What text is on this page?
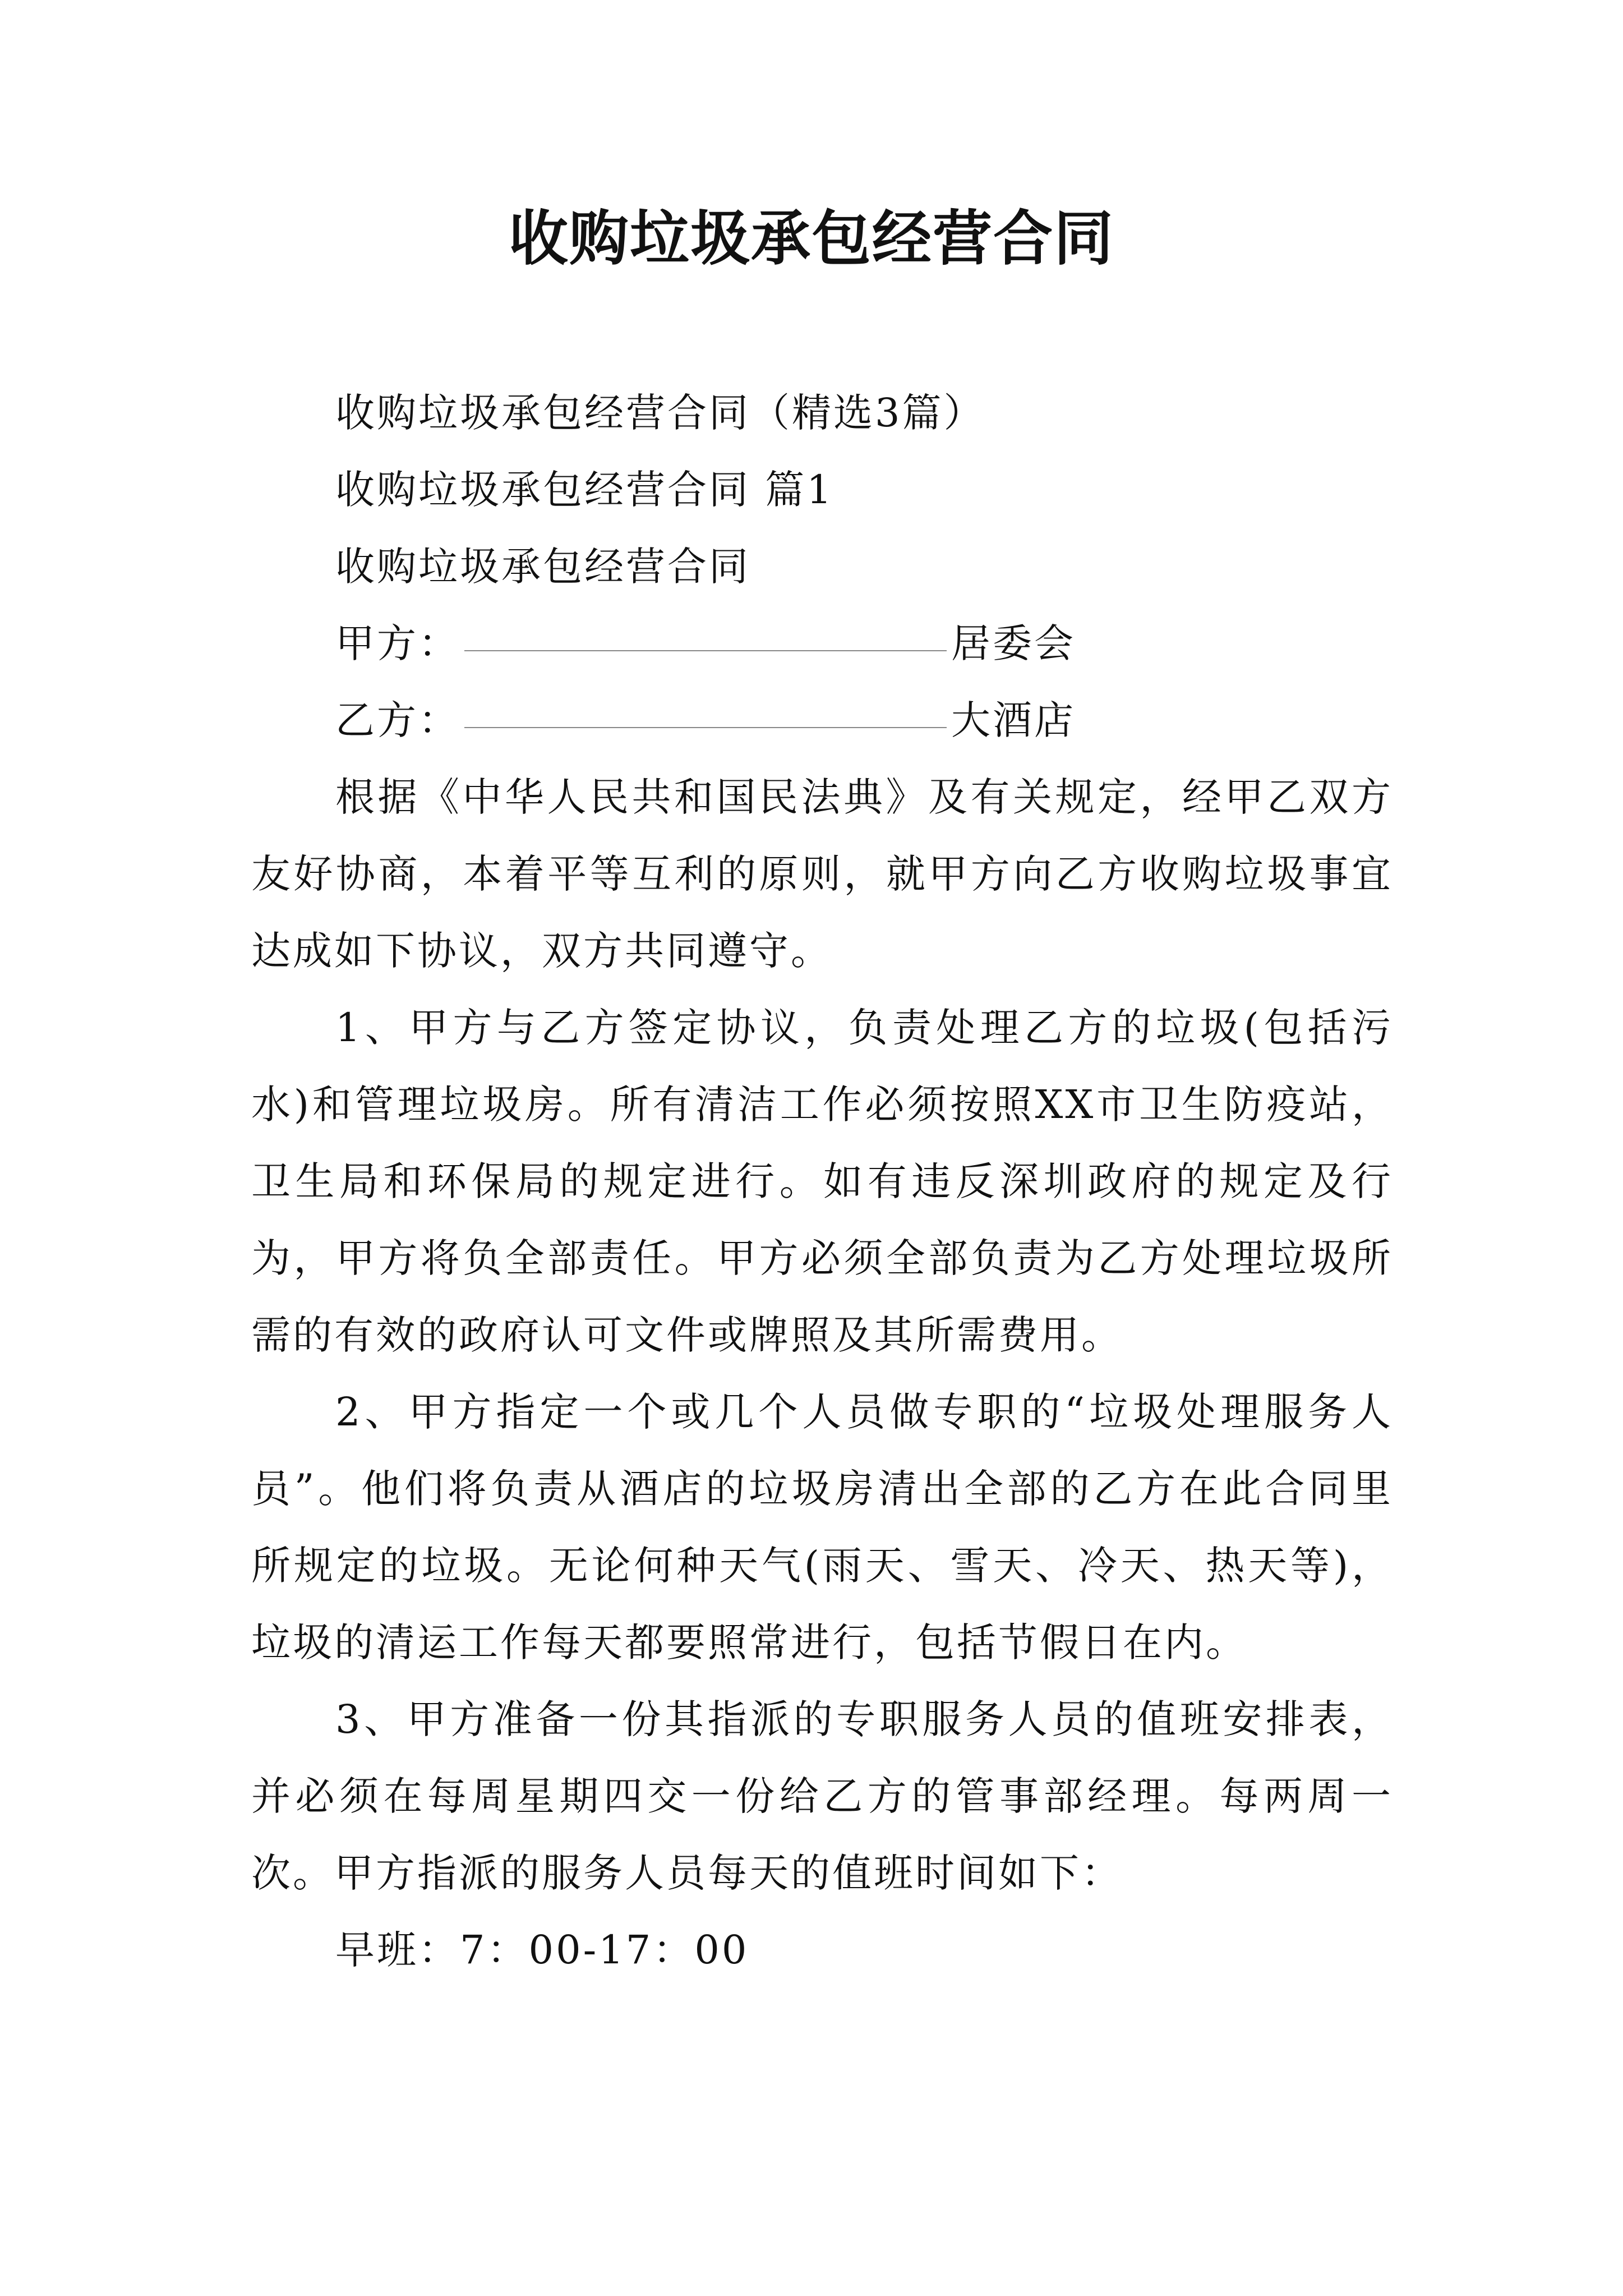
收购垃圾承包经营合同

收购垃圾承包经营合同（精选3篇）

收购垃圾承包经营合同 篇1

收购垃圾承包经营合同

甲方：	居委会

乙方：	大酒店

根据《中华人民共和国民法典》及有关规定，经甲乙双方友好协商，本着平等互利的原则，就甲方向乙方收购垃圾事宜达成如下协议，双方共同遵守。

1、甲方与乙方签定协议，负责处理乙方的垃圾(包括污水)和管理垃圾房。所有清洁工作必须按照XX市卫生防疫站，卫生局和环保局的规定进行。如有违反深圳政府的规定及行为，甲方将负全部责任。甲方必须全部负责为乙方处理垃圾所需的有效的政府认可文件或牌照及其所需费用。

2、甲方指定一个或几个人员做专职的“垃圾处理服务人员”。他们将负责从酒店的垃圾房清出全部的乙方在此合同里所规定的垃圾。无论何种天气(雨天、雪天、冷天、热天等)，垃圾的清运工作每天都要照常进行，包括节假日在内。

3、甲方准备一份其指派的专职服务人员的值班安排表，并必须在每周星期四交一份给乙方的管事部经理。每两周一次。甲方指派的服务人员每天的值班时间如下：

早班：7：00-17：00
